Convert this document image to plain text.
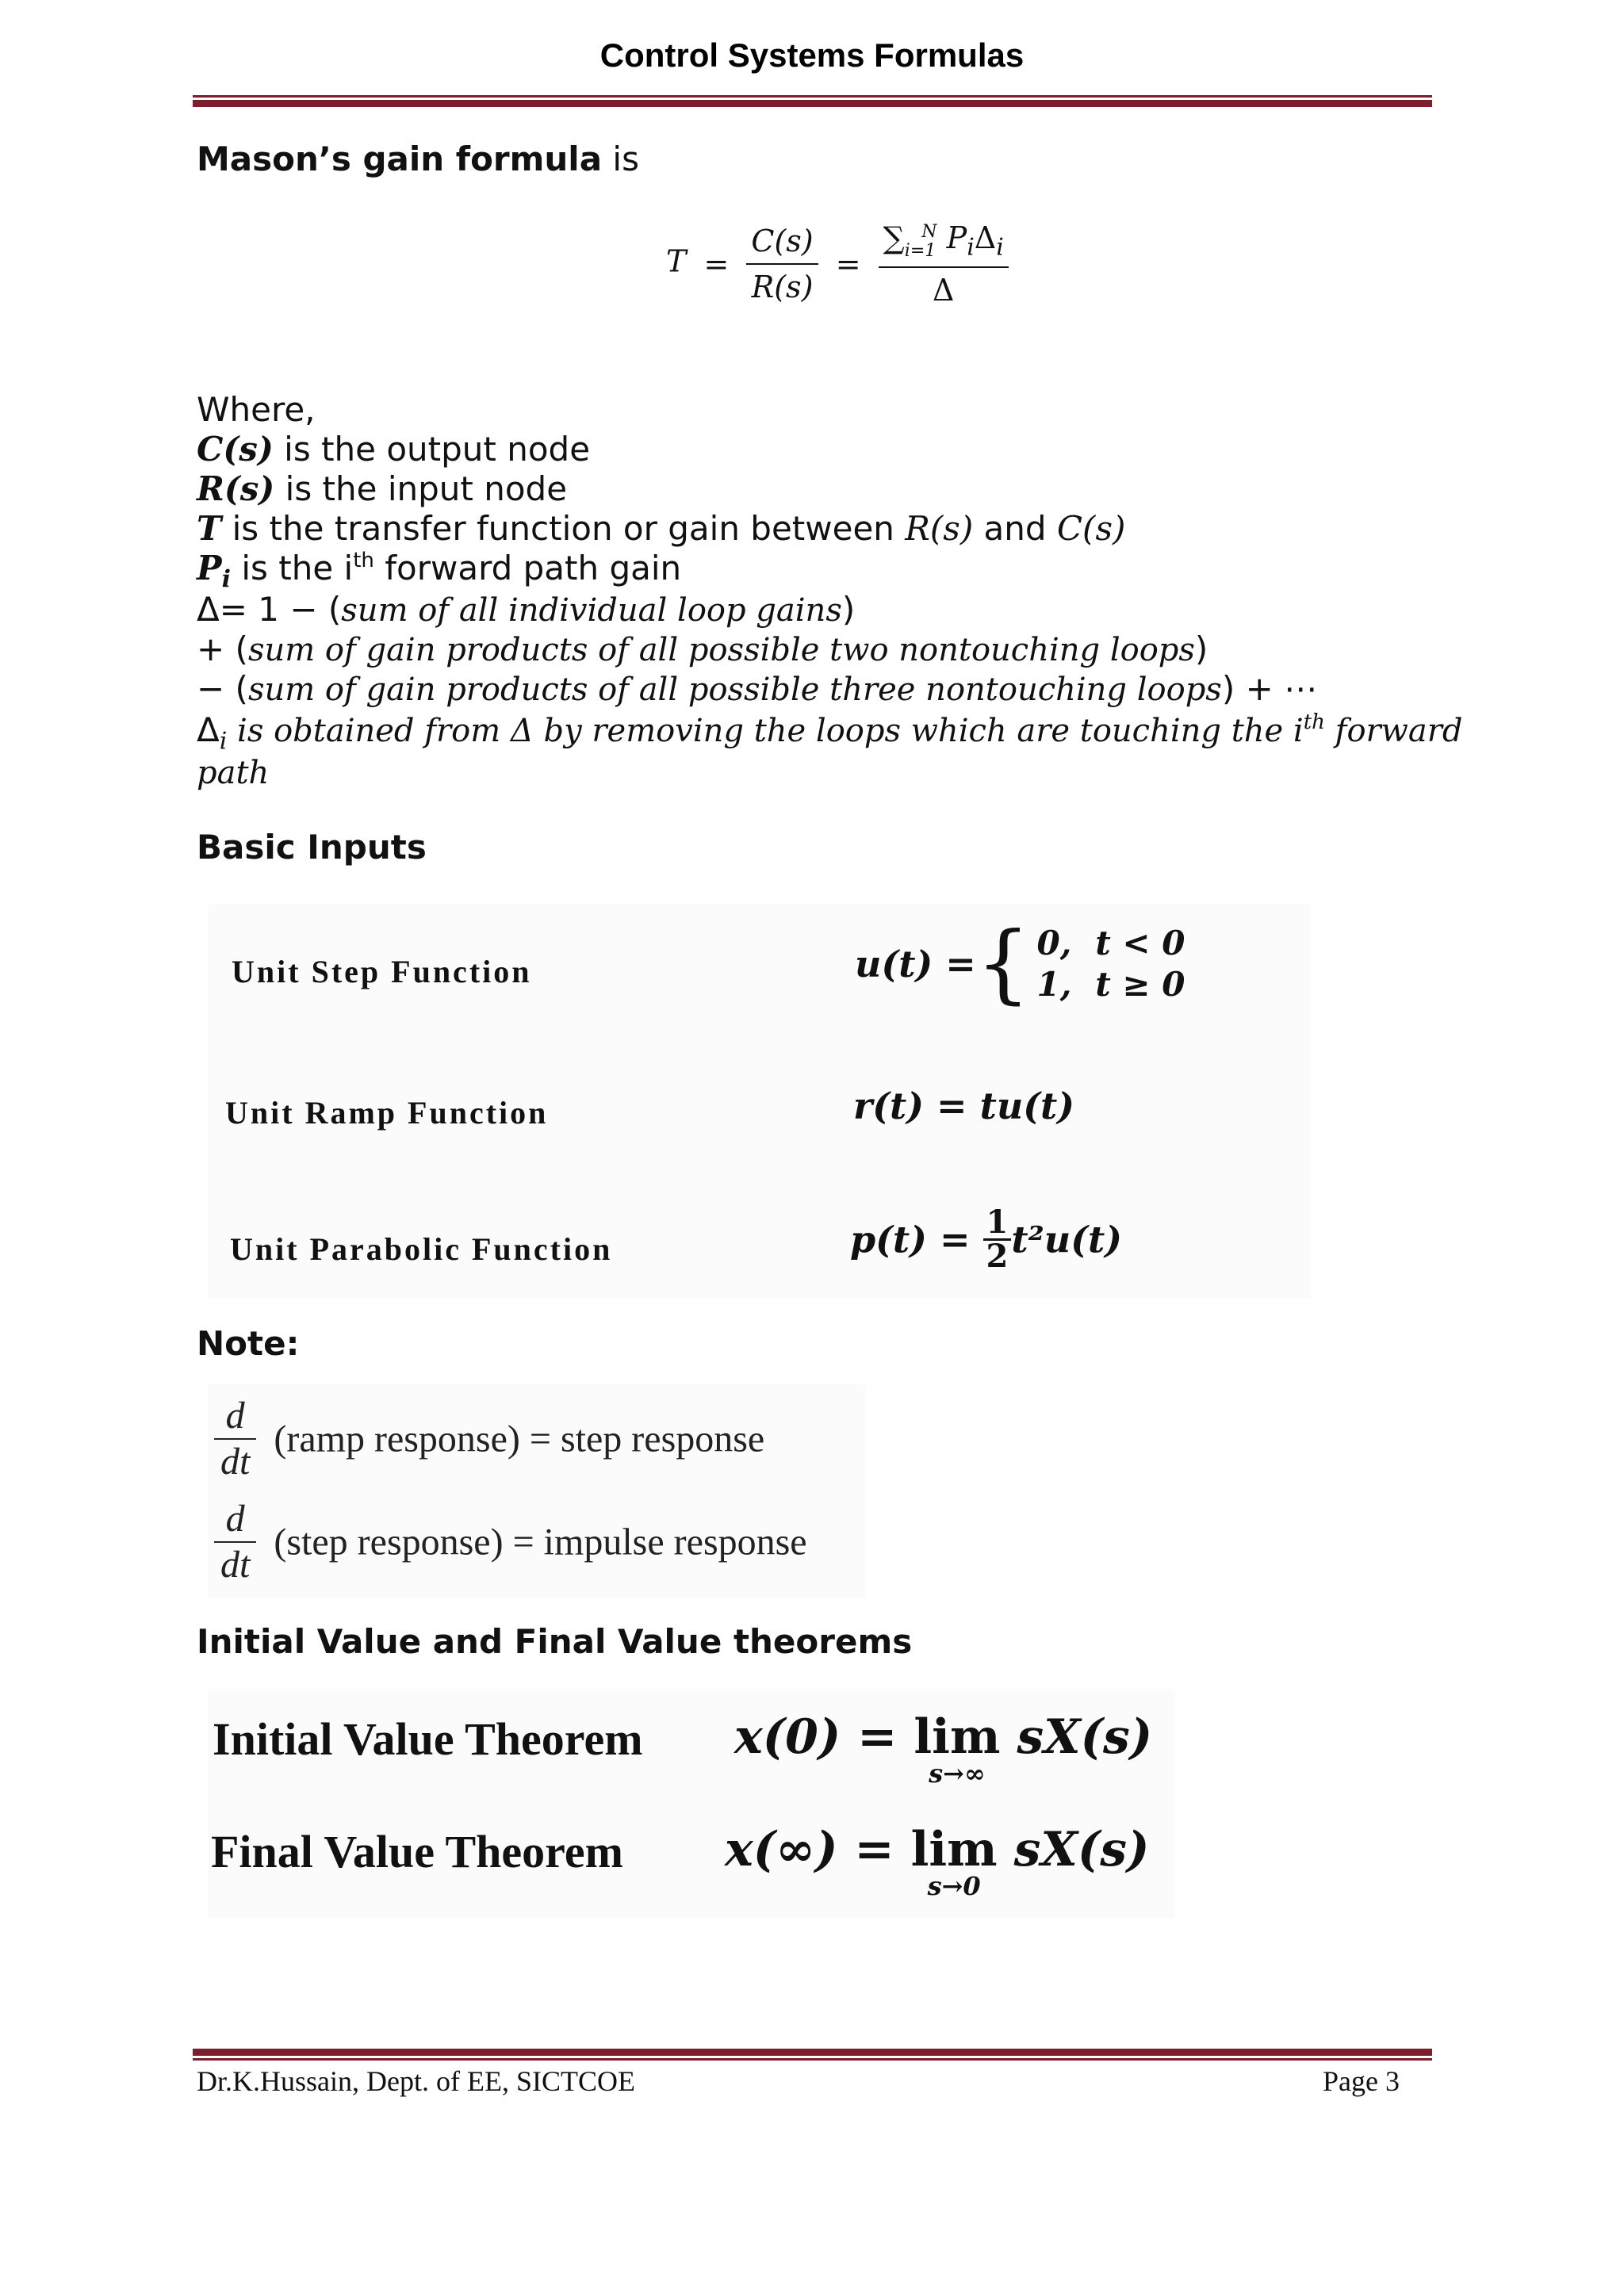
Control Systems Formulas
Mason’s gain formula is
$T = \frac{C(s)}{R(s)} = \frac{\sum_{i=1}^N P_i\Delta_i}{\Delta}$
Where,
C(s) is the output node
R(s) is the input node
T is the transfer function or gain between R(s) and C(s)
$P_i$ is the $i^{th}$ forward path gain
Δ= 1 − (sum of all individual loop gains)
+ (sum of gain products of all possible two nontouching loops)
− (sum of gain products of all possible three nontouching loops) + ⋯
$\Delta_i$ is obtained from Δ by removing the loops which are touching the $i^{th}$ forward
path
Basic Inputs
Unit Step Function	u(t) ={ 0,	t < 0
1,	t ≥ 0
Unit Ramp Function	r(t) = tu(t)
Unit Parabolic Function	$p(t) = \frac{1}{2} t^2u(t)$
Note:
$\frac{d}{dt}$ (ramp response) = step response
$\frac{d}{dt}$ (step response) = impulse response
Initial Value and Final Value theorems
Initial Value Theorem x(0) = lim
s→∞
sX(s)
Final Value Theorem x(∞) = lim
s→0
sX(s)
Dr.K.Hussain, Dept. of EE, SICTCOE	Page 3
